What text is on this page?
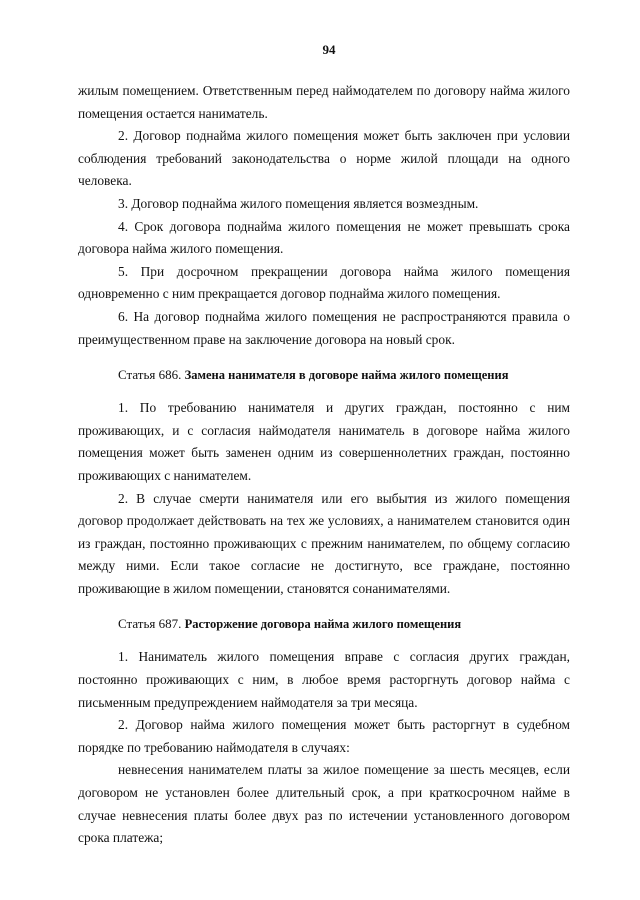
94

жилым помещением. Ответственным перед наймодателем по договору найма жилого помещения остается наниматель.

2. Договор поднайма жилого помещения может быть заключен при условии соблюдения требований законодательства о норме жилой площади на одного человека.

3. Договор поднайма жилого помещения является возмездным.

4. Срок договора поднайма жилого помещения не может превышать срока договора найма жилого помещения.

5. При досрочном прекращении договора найма жилого помещения одновременно с ним прекращается договор поднайма жилого помещения.

6. На договор поднайма жилого помещения не распространяются правила о преимущественном праве на заключение договора на новый срок.

Статья 686. Замена нанимателя в договоре найма жилого помещения

1. По требованию нанимателя и других граждан, постоянно с ним проживающих, и с согласия наймодателя наниматель в договоре найма жилого помещения может быть заменен одним из совершеннолетних граждан, постоянно проживающих с нанимателем.

2. В случае смерти нанимателя или его выбытия из жилого помещения договор продолжает действовать на тех же условиях, а нанимателем становится один из граждан, постоянно проживающих с прежним нанимателем, по общему согласию между ними. Если такое согласие не достигнуто, все граждане, постоянно проживающие в жилом помещении, становятся сонанимателями.

Статья 687. Расторжение договора найма жилого помещения

1. Наниматель жилого помещения вправе с согласия других граждан, постоянно проживающих с ним, в любое время расторгнуть договор найма с письменным предупреждением наймодателя за три месяца.

2. Договор найма жилого помещения может быть расторгнут в судебном порядке по требованию наймодателя в случаях:

невнесения нанимателем платы за жилое помещение за шесть месяцев, если договором не установлен более длительный срок, а при краткосрочном найме в случае невнесения платы более двух раз по истечении установленного договором срока платежа;
